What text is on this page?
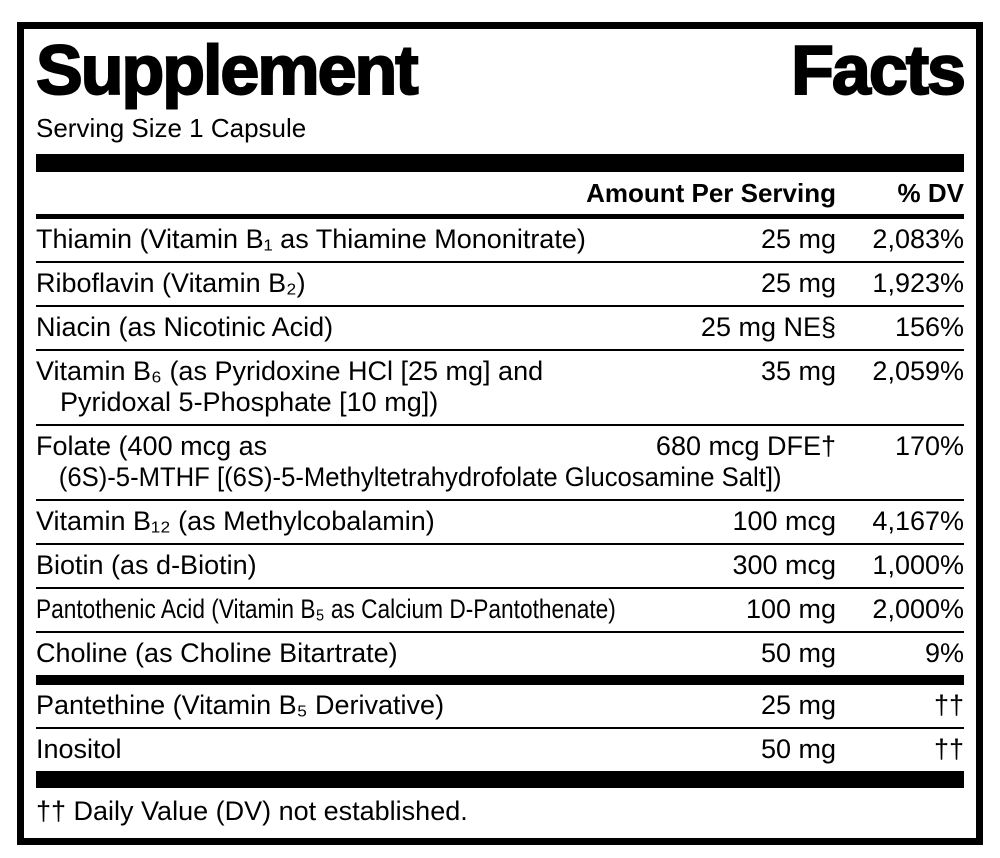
Supplement Facts
Serving Size 1 Capsule
Amount Per Serving	% DV
Thiamin (Vitamin B₁ as Thiamine Mononitrate)	25 mg	2,083%
Riboflavin (Vitamin B₂)	25 mg	1,923%
Niacin (as Nicotinic Acid)	25 mg NE§	156%
Vitamin B₆ (as Pyridoxine HCl [25 mg] and	35 mg	2,059%
Pyridoxal 5-Phosphate [10 mg])
Folate (400 mcg as	680 mcg DFE†	170%
(6S)-5-MTHF [(6S)-5-Methyltetrahydrofolate Glucosamine Salt])
Vitamin B₁₂ (as Methylcobalamin)	100 mcg	4,167%
Biotin (as d-Biotin)	300 mcg	1,000%
Pantothenic Acid (Vitamin B₅ as Calcium D-Pantothenate)	100 mg	2,000%
Choline (as Choline Bitartrate)	50 mg	9%
Pantethine (Vitamin B₅ Derivative)	25 mg	††
Inositol	50 mg	††
†† Daily Value (DV) not established.
